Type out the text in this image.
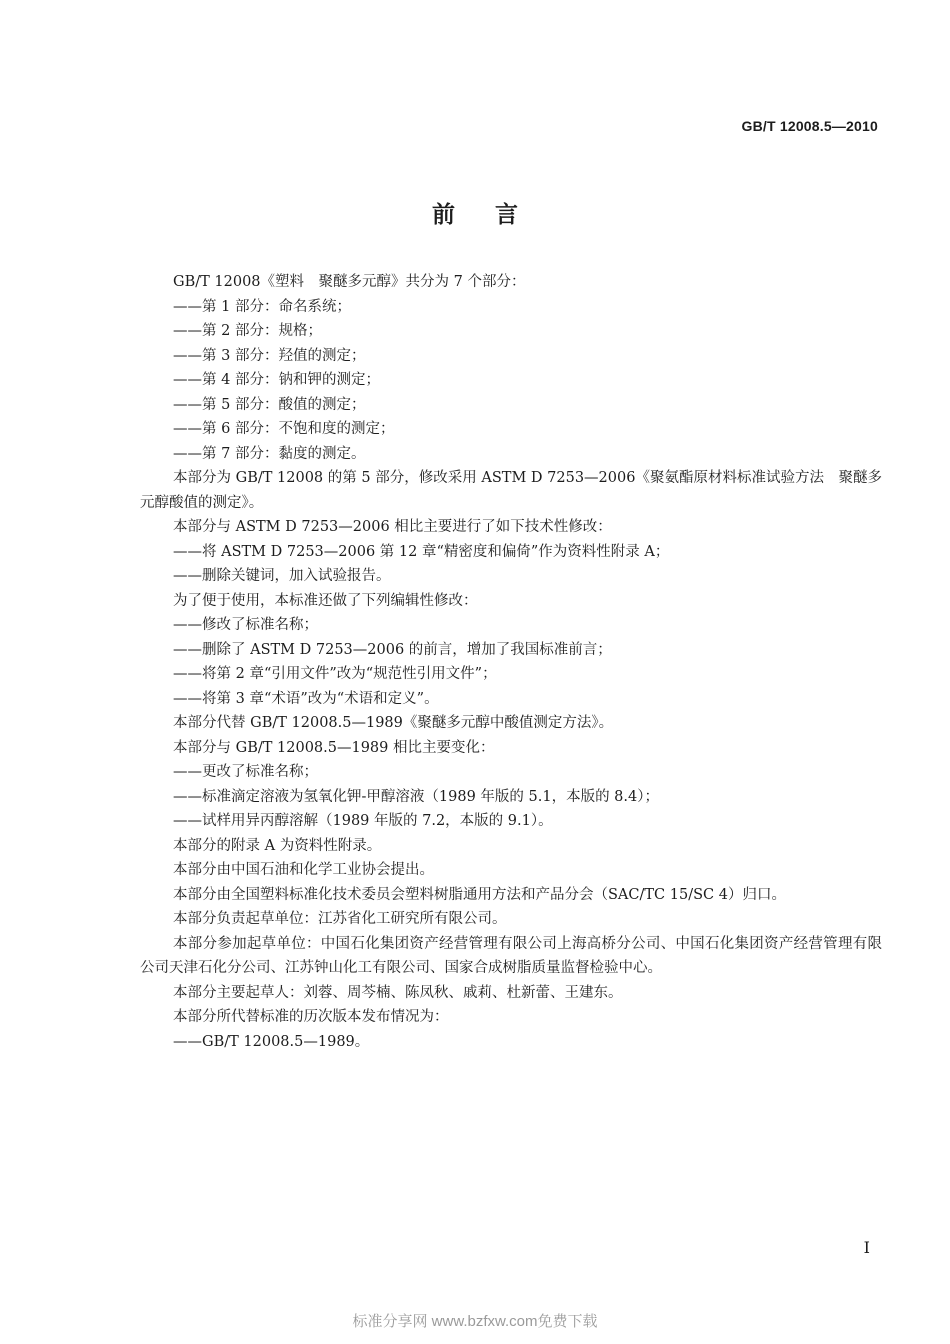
GB/T 12008.5—2010
前言

GB/T 12008《塑料　聚醚多元醇》共分为 7 个部分：

——第 1 部分：命名系统；

——第 2 部分：规格；

——第 3 部分：羟值的测定；

——第 4 部分：钠和钾的测定；

——第 5 部分：酸值的测定；

——第 6 部分：不饱和度的测定；

——第 7 部分：黏度的测定。

本部分为 GB/T 12008 的第 5 部分，修改采用 ASTM D 7253—2006《聚氨酯原材料标准试验方法　聚醚多元醇酸值的测定》。

本部分与 ASTM D 7253—2006 相比主要进行了如下技术性修改：

——将 ASTM D 7253—2006 第 12 章“精密度和偏倚”作为资料性附录 A；

——删除关键词，加入试验报告。

为了便于使用，本标准还做了下列编辑性修改：

——修改了标准名称；

——删除了 ASTM D 7253—2006 的前言，增加了我国标准前言；

——将第 2 章“引用文件”改为“规范性引用文件”；

——将第 3 章“术语”改为“术语和定义”。

本部分代替 GB/T 12008.5—1989《聚醚多元醇中酸值测定方法》。

本部分与 GB/T 12008.5—1989 相比主要变化：

——更改了标准名称；

——标准滴定溶液为氢氧化钾-甲醇溶液（1989 年版的 5.1，本版的 8.4）；

——试样用异丙醇溶解（1989 年版的 7.2，本版的 9.1）。

本部分的附录 A 为资料性附录。

本部分由中国石油和化学工业协会提出。

本部分由全国塑料标准化技术委员会塑料树脂通用方法和产品分会（SAC/TC 15/SC 4）归口。

本部分负责起草单位：江苏省化工研究所有限公司。

本部分参加起草单位：中国石化集团资产经营管理有限公司上海高桥分公司、中国石化集团资产经营管理有限公司天津石化分公司、江苏钟山化工有限公司、国家合成树脂质量监督检验中心。

本部分主要起草人：刘蓉、周芩楠、陈凤秋、戚莉、杜新蕾、王建东。

本部分所代替标准的历次版本发布情况为：

——GB/T 12008.5—1989。

I
标准分享网 www.bzfxw.com免费下载
